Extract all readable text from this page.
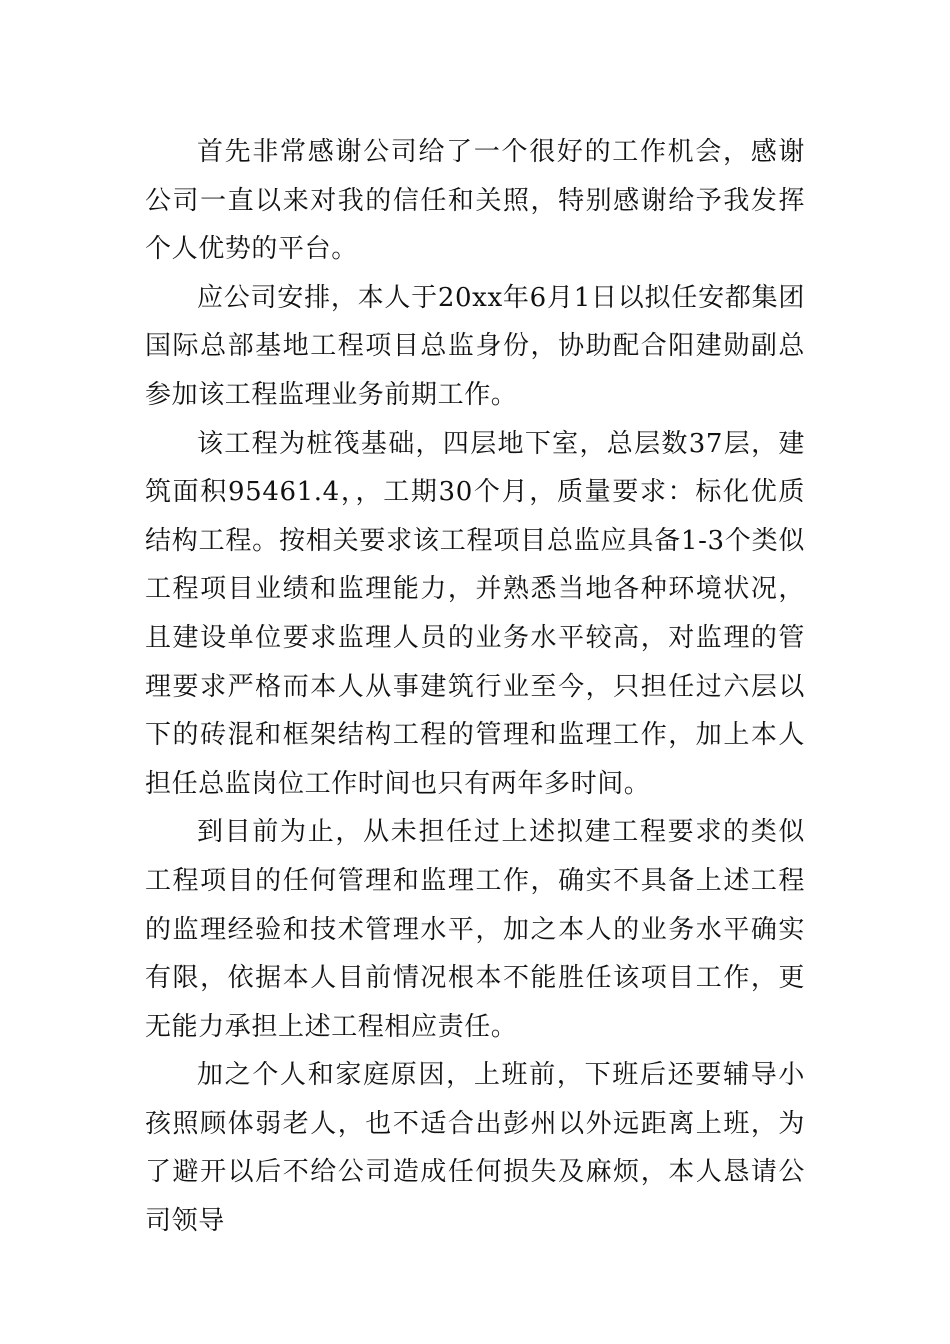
首先非常感谢公司给了一个很好的工作机会，感谢公司一直以来对我的信任和关照，特别感谢给予我发挥个人优势的平台。

应公司安排，本人于20xx年6月1日以拟任安都集团国际总部基地工程项目总监身份，协助配合阳建勋副总参加该工程监理业务前期工作。

该工程为桩筏基础，四层地下室，总层数37层，建筑面积95461.4，，工期30个月，质量要求：标化优质结构工程。按相关要求该工程项目总监应具备1-3个类似工程项目业绩和监理能力，并熟悉当地各种环境状况，且建设单位要求监理人员的业务水平较高，对监理的管理要求严格而本人从事建筑行业至今，只担任过六层以下的砖混和框架结构工程的管理和监理工作，加上本人担任总监岗位工作时间也只有两年多时间。

到目前为止，从未担任过上述拟建工程要求的类似工程项目的任何管理和监理工作，确实不具备上述工程的监理经验和技术管理水平，加之本人的业务水平确实有限，依据本人目前情况根本不能胜任该项目工作，更无能力承担上述工程相应责任。

加之个人和家庭原因，上班前，下班后还要辅导小孩照顾体弱老人，也不适合出彭州以外远距离上班，为了避开以后不给公司造成任何损失及麻烦，本人恳请公司领导
